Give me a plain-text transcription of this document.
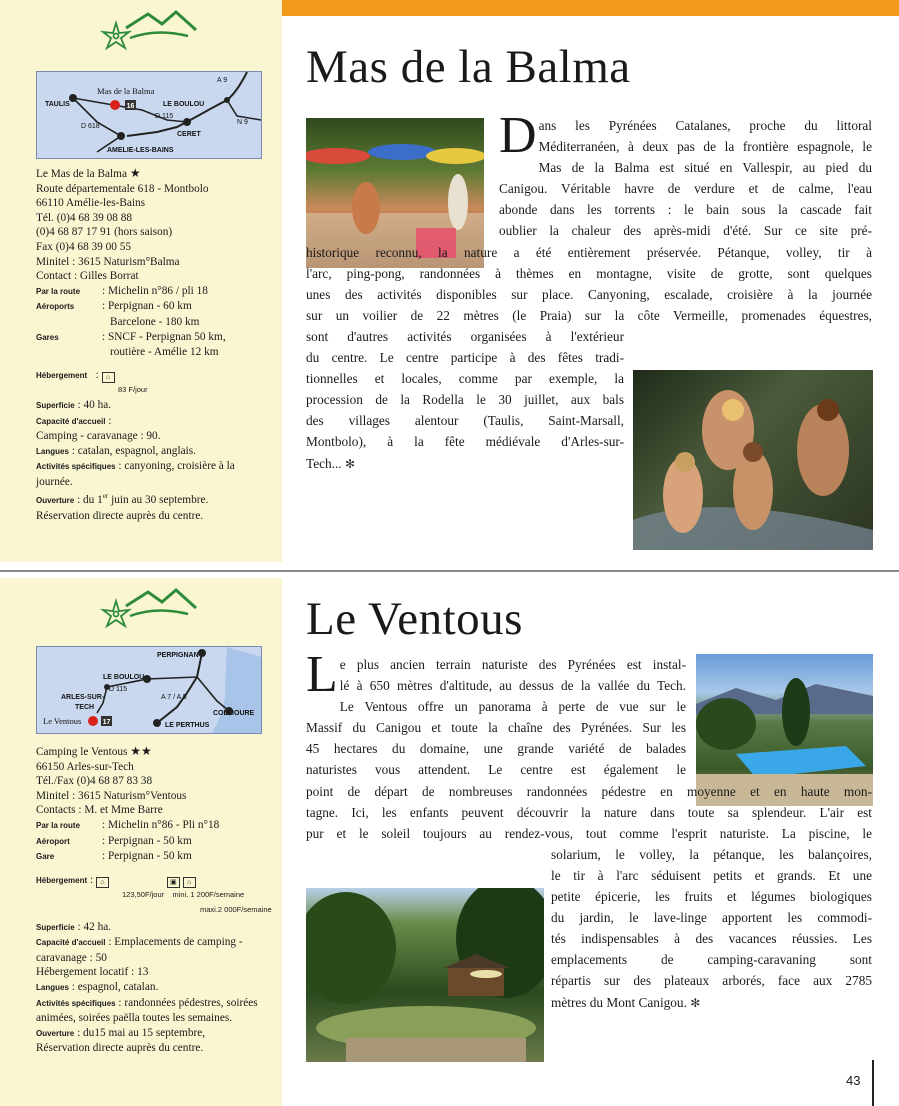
16
A 9
Mas de la Balma
TAULIS	LE BOULOU
D 115
D 618
CERET
N 9
AMELIE-LES-BAINS
Le Mas de la Balma ★
Route départementale 618 - Montbolo
66110 Amélie-les-Bains
Tél. (0)4 68 39 08 88
(0)4 68 87 17 91 (hors saison)
Fax (0)4 68 39 00 55
Minitel : 3615 Naturism°Balma
Contact : Gilles Borrat
Par la route : Michelin n°86 / pli 18
Aéroports : Perpignan - 60 km
Barcelone - 180 km
Gares	: SNCF - Perpignan 50 km,
routière - Amélie 12 km
Hébergement : ⌂
83 F/jour
Superficie : 40 ha.
Capacité d'accueil :
Camping - caravanage : 90.
Langues : catalan, espagnol, anglais.
Activités spécifiques : canyoning, croisière à la journée.
Ouverture : du 1er juin au 30 septembre.
Réservation directe auprès du centre.
Mas de la Balma
D ans les Pyrénées Catalanes, proche du littoral
Méditerranéen, à deux pas de la frontière espagnole, le
Mas de la Balma est situé en Vallespir, au pied du
Canigou. Véritable havre de verdure et de calme, l'eau
abonde dans les torrents : le bain sous la cascade fait
oublier la chaleur des après-midi d'été. Sur ce site pré-
historique reconnu, la nature a été entièrement préservée. Pétanque, volley, tir à
l'arc, ping-pong, randonnées à thèmes en montagne, visite de grotte, sont quelques
unes des activités disponibles sur place. Canyoning, escalade, croisière à la journée
sur un voilier de 22 mètres (le Praia) sur la côte Vermeille, promenades équestres,
sont d'autres activités organisées à l'extérieur
du centre. Le centre participe à des fêtes tradi-
tionnelles et locales, comme par exemple, la
procession de la Rodella le 30 juillet, aux bals
des villages alentour (Taulis, Saint-Marsall,
Montbolo), à la fête médiévale d'Arles-sur-
Tech... ✻
17
PERPIGNAN
LE BOULOU
D 115
ARLES-SUR-
TECH
A 7 / A 9
Le Ventous	LE PERTHUS
COLLIOURE
Camping le Ventous ★★
66150 Arles-sur-Tech
Tél./Fax (0)4 68 87 83 38
Minitel : 3615 Naturism°Ventous
Contacts : M. et Mme Barre
Par la route : Michelin n°86 - Pli n°18
Aéroport	: Perpignan - 50 km
Gare	: Perpignan - 50 km
Hébergement : ⌂	▣ ⌂
123,50F/jour mini. 1 200F/semaine
maxi.2 000F/semaine
Superficie : 42 ha.
Capacité d'accueil : Emplacements de camping -caravanage : 50
Hébergement locatif : 13
Langues : espagnol, catalan.
Activités spécifiques : randonnées pédestres, soirées animées, soirées paëlla toutes les semaines.
Ouverture : du15 mai au 15 septembre,
Réservation directe auprès du centre.
Le Ventous
L e plus ancien terrain naturiste des Pyrénées est instal-
lé à 650 mètres d'altitude, au dessus de la vallée du Tech.
Le Ventous offre un panorama à perte de vue sur le
Massif du Canigou et toute la chaîne des Pyrénées. Sur les
45 hectares du domaine, une grande variété de balades
naturistes vous attendent. Le centre est également le
point de départ de nombreuses randonnées pédestre en moyenne et en haute mon-
tagne. Ici, les enfants peuvent découvrir la nature dans toute sa splendeur. L'air est
pur et le soleil toujours au rendez-vous, tout comme l'esprit naturiste. La piscine, le
solarium, le volley, la pétanque, les balançoires,
le tir à l'arc séduisent petits et grands. Et une
petite épicerie, les fruits et légumes biologiques
du jardin, le lave-linge apportent les commodi-
tés indispensables à des vacances réussies. Les
emplacements de camping-caravaning sont
répartis sur des plateaux arborés, face aux 2785
mètres du Mont Canigou. ✻
43
